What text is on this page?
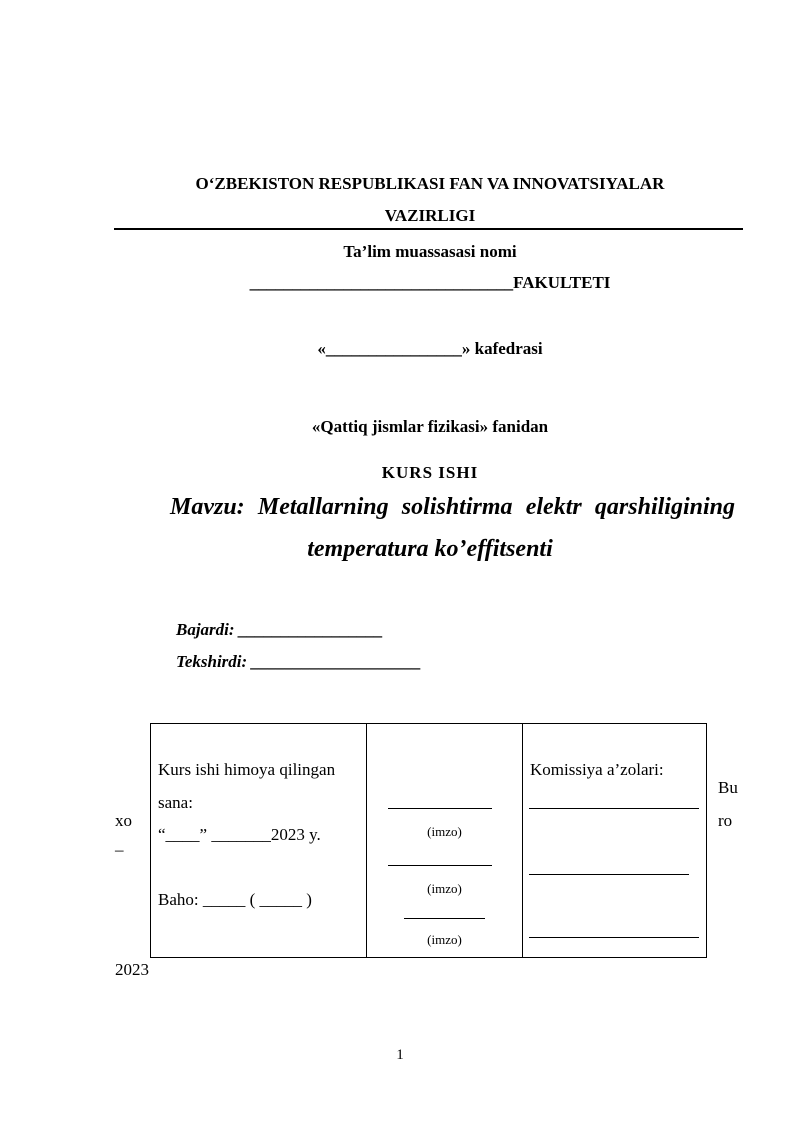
O‘ZBEKISTON RESPUBLIKASI FAN VA INNOVATSIYALAR
VAZIRLIGI
Ta’lim muassasasi nomi
_______________________________FAKULTETI
«________________» kafedrasi
«Qattiq jismlar fizikasi» fanidan
KURS ISHI
Mavzu: Metallarning solishtirma elektr qarshiligining
temperatura ko’effitsenti
Bajardi: _________________
Tekshirdi: ____________________
Kurs ishi himoya qilingan
sana:
“____” _______2023 y.
Baho: _____ ( _____ )
(imzo)
(imzo)
(imzo)
Komissiya a’zolari:
xo
–
Bu
ro
2023
1
